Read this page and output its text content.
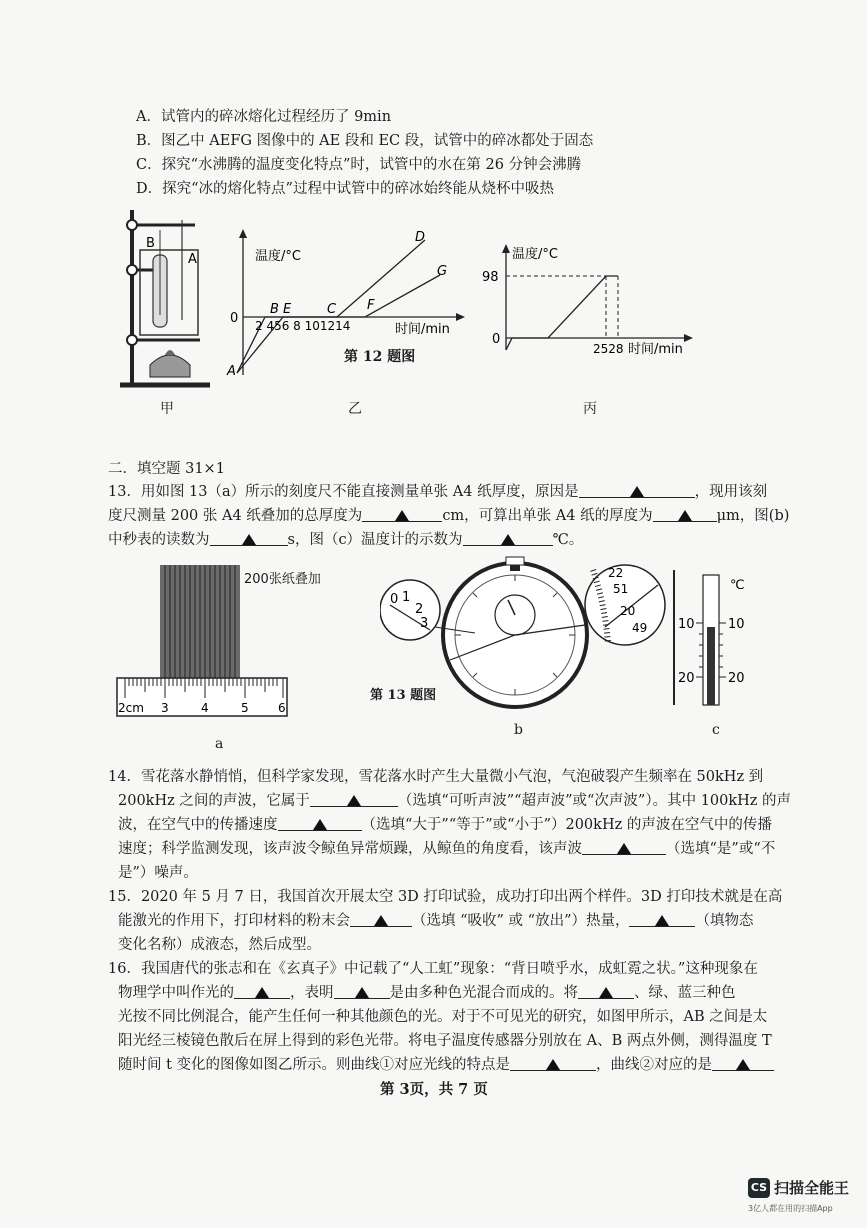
A．试管内的碎冰熔化过程经历了 9min
B．图乙中 AEFG 图像中的 AE 段和 EC 段，试管中的碎冰都处于固态
C．探究“水沸腾的温度变化特点”时，试管中的水在第 26 分钟会沸腾
D．探究“冰的熔化特点”过程中试管中的碎冰始终能从烧杯中吸热
B
A
甲
温度/°C
0 2 456 8 101214	时间/min
B E	C F
D
G
A
第 12 题图
乙
温度/°C
98
0
2528 时间/min
丙
二．填空题 31×1
13．用如图 13（a）所示的刻度尺不能直接测量单张 A4 纸厚度，原因是	，现用该刻
度尺测量 200 张 A4 纸叠加的总厚度为	cm，可算出单张 A4 纸的厚度为	μm，图(b)
中秒表的读数为	s，图（c）温度计的示数为	℃。
2cm 3	4	5 6
200张纸叠加
a
0 1
2
3
22
51
20
49
第 13 题图
b
℃
10
20
10
20
c
14．雪花落水静悄悄，但科学家发现，雪花落水时产生大量微小气泡，气泡破裂产生频率在 50kHz 到
200kHz 之间的声波，它属于	（选填“可听声波”“超声波”或“次声波”）。其中 100kHz 的声
波，在空气中的传播速度	（选填“大于”“等于”或“小于”）200kHz 的声波在空气中的传播
速度；科学监测发现，该声波令鲸鱼异常烦躁，从鲸鱼的角度看，该声波	（选填“是”或“不
是”）噪声。
15．2020 年 5 月 7 日，我国首次开展太空 3D 打印试验，成功打印出两个样件。3D 打印技术就是在高
能激光的作用下，打印材料的粉末会	（选填 “吸收” 或 “放出”）热量，	（填物态
变化名称）成液态，然后成型。
16．我国唐代的张志和在《玄真子》中记载了“人工虹”现象：“背日喷乎水，成虹霓之状。”这种现象在
物理学中叫作光的	，表明	是由多种色光混合而成的。将	、绿、蓝三种色
光按不同比例混合，能产生任何一种其他颜色的光。对于不可见光的研究，如图甲所示，AB 之间是太
阳光经三棱镜色散后在屏上得到的彩色光带。将电子温度传感器分别放在 A、B 两点外侧，测得温度 T
随时间 t 变化的图像如图乙所示。则曲线①对应光线的特点是	，曲线②对应的是
第 3页，共 7 页
CS 扫描全能王
3亿人都在用的扫描App
